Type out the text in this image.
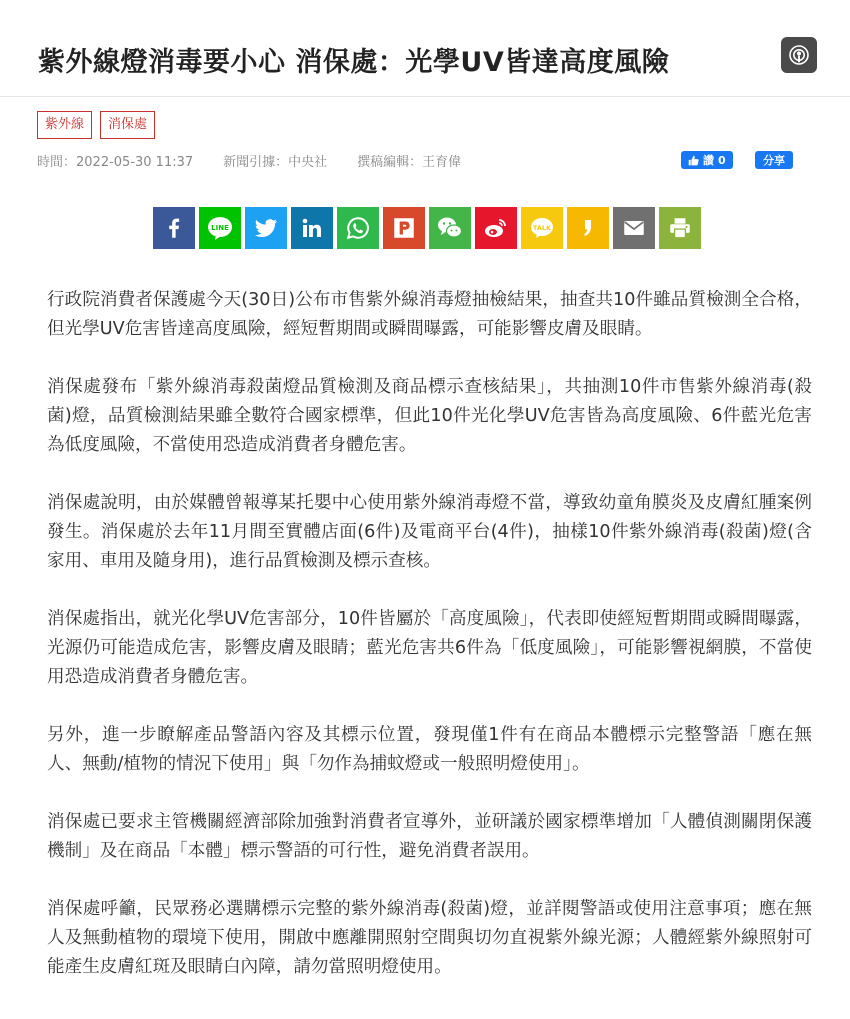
紫外線燈消毒要小心 消保處：光學UV皆達高度風險
紫外線	消保處
時間：2022-05-30 11:37 新聞引據：中央社 撰稿編輯：王育偉	讚 0	分享
LINE	TALK

行政院消費者保護處今天(30日)公布市售紫外線消毒燈抽檢結果，抽查共10件雖品質檢測全合格，但光學UV危害皆達高度風險，經短暫期間或瞬間曝露，可能影響皮膚及眼睛。

消保處發布「紫外線消毒殺菌燈品質檢測及商品標示查核結果」，共抽測10件市售紫外線消毒(殺菌)燈，品質檢測結果雖全數符合國家標準，但此10件光化學UV危害皆為高度風險、6件藍光危害為低度風險，不當使用恐造成消費者身體危害。

消保處說明，由於媒體曾報導某托嬰中心使用紫外線消毒燈不當，導致幼童角膜炎及皮膚紅腫案例發生。消保處於去年11月間至實體店面(6件)及電商平台(4件)，抽樣10件紫外線消毒(殺菌)燈(含家用、車用及隨身用)，進行品質檢測及標示查核。

消保處指出，就光化學UV危害部分，10件皆屬於「高度風險」，代表即使經短暫期間或瞬間曝露，光源仍可能造成危害，影響皮膚及眼睛；藍光危害共6件為「低度風險」，可能影響視網膜，不當使用恐造成消費者身體危害。

另外，進一步瞭解產品警語內容及其標示位置，發現僅1件有在商品本體標示完整警語「應在無人、無動/植物的情況下使用」與「勿作為捕蚊燈或一般照明燈使用」。

消保處已要求主管機關經濟部除加強對消費者宣導外，並研議於國家標準增加「人體偵測關閉保護機制」及在商品「本體」標示警語的可行性，避免消費者誤用。

消保處呼籲，民眾務必選購標示完整的紫外線消毒(殺菌)燈，並詳閱警語或使用注意事項；應在無人及無動植物的環境下使用，開啟中應離開照射空間與切勿直視紫外線光源；人體經紫外線照射可能產生皮膚紅斑及眼睛白內障，請勿當照明燈使用。
